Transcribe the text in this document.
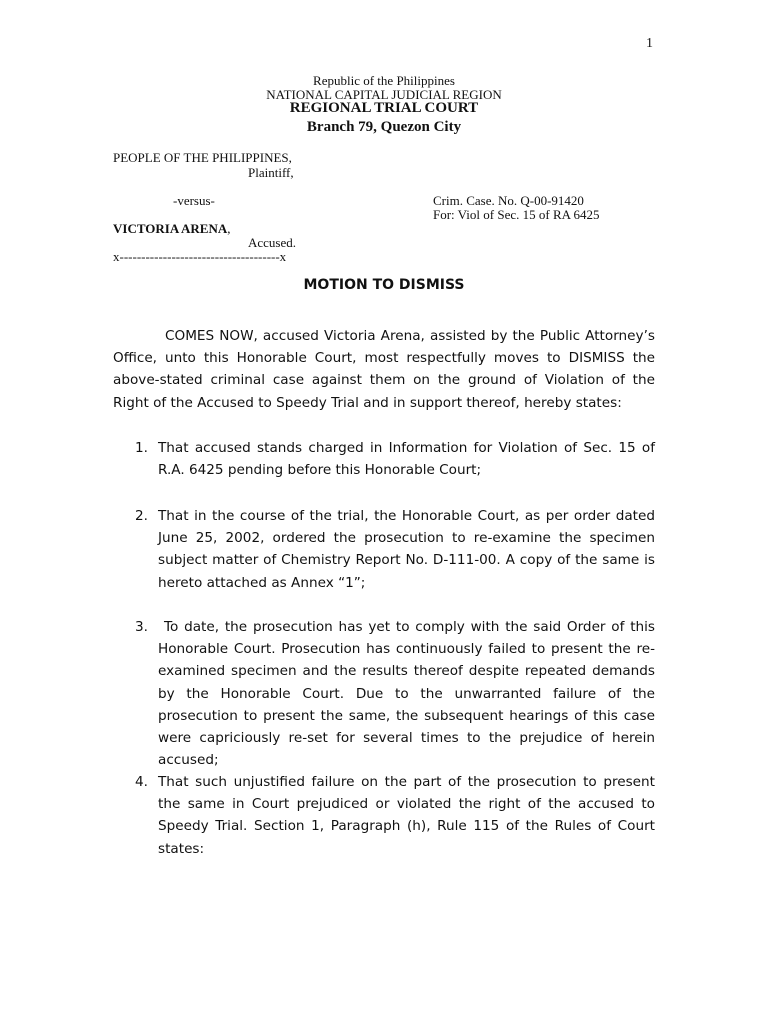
1
Republic of the Philippines
NATIONAL CAPITAL JUDICIAL REGION
REGIONAL TRIAL COURT
Branch 79, Quezon City
PEOPLE OF THE PHILIPPINES,
Plaintiff,
-versus-	Crim. Case. No. Q-00-91420
For: Viol of Sec. 15 of RA 6425
VICTORIA ARENA,
Accused.
x-------------------------------------x
MOTION TO DISMISS

COMES NOW, accused Victoria Arena, assisted by the Public Attorney’s Office, unto this Honorable Court, most respectfully moves to DISMISS the above-stated criminal case against them on the ground of Violation of the Right of the Accused to Speedy Trial and in support thereof, hereby states:

1. That accused stands charged in Information for Violation of Sec. 15 of R.A. 6425 pending before this Honorable Court;
2. That in the course of the trial, the Honorable Court, as per order dated June 25, 2002, ordered the prosecution to re-examine the specimen subject matter of Chemistry Report No. D-111-00. A copy of the same is hereto attached as Annex “1”;
3.	To date, the prosecution has yet to comply with the said Order of this Honorable Court. Prosecution has continuously failed to present the re-examined specimen and the results thereof despite repeated demands by the Honorable Court. Due to the unwarranted failure of the prosecution to present the same, the subsequent hearings of this case were capriciously re-set for several times to the prejudice of herein accused;
4. That such unjustified failure on the part of the prosecution to present the same in Court prejudiced or violated the right of the accused to Speedy Trial. Section 1, Paragraph (h), Rule 115 of the Rules of Court states:
